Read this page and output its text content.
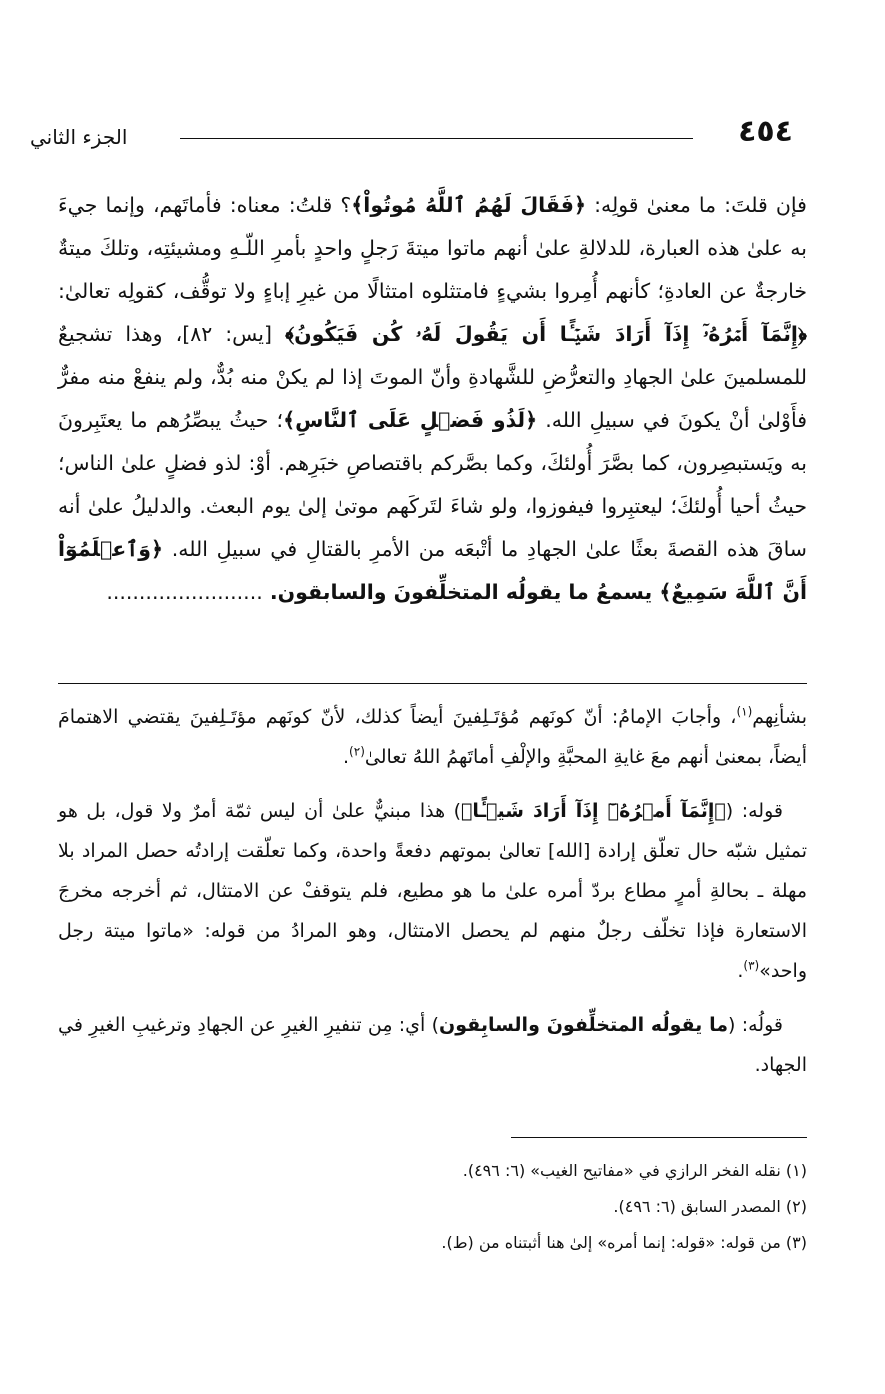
٤٥٤
الجزء الثاني

فإن قلتَ: ما معنىٰ قولِه: ﴿فَقَالَ لَهُمُ ٱللَّهُ مُوتُواْ﴾؟ قلتُ: معناه: فأماتَهم، وإنما جيءَ به علىٰ هذه العبارة، للدلالةِ علىٰ أنهم ماتوا ميتةَ رَجلٍ واحدٍ بأمرِ اللّـهِ ومشيئتِه، وتلكَ ميتةٌ خارجةٌ عن العادةِ؛ كأنهم أُمِروا بشيءٍ فامتثلوه امتثالًا من غيرِ إباءٍ ولا توقُّف، كقولِه تعالىٰ: ﴿إِنَّمَآ أَمۡرُهُۥٓ إِذَآ أَرَادَ شَيۡـًٔا أَن يَقُولَ لَهُۥ كُن فَيَكُونُ﴾ [يس: ٨٢]، وهذا تشجيعٌ للمسلمينَ علىٰ الجهادِ والتعرُّضِ للشَّهادةِ وأنّ الموتَ إذا لم يكنْ منه بُدٌّ، ولم ينفعْ منه مفرٌّ فأَوْلىٰ أنْ يكونَ في سبيلِ الله. ﴿لَذُو فَضۡلٍ عَلَى ٱلنَّاسِ﴾؛ حيثُ يبصِّرُهم ما يعتَبِرونَ به ويَستبصِرون، كما بصَّرَ أُولئكَ، وكما بصَّركم باقتصاصِ خبَرِهم. أوْ: لذو فضلٍ علىٰ الناس؛ حيثُ أحيا أُولئكَ؛ ليعتبِروا فيفوزوا، ولو شاءَ لتَركَهم موتىٰ إلىٰ يوم البعث. والدليلُ علىٰ أنه ساقَ هذه القصةَ بعثًا علىٰ الجهادِ ما أتْبعَه من الأمرِ بالقتالِ في سبيلِ الله. ﴿وَٱعۡلَمُوٓاْ أَنَّ ٱللَّهَ سَمِيعٌ﴾ يسمعُ ما يقولُه المتخلِّفونَ والسابقون. ........................

بشأنِهم$^{(١)}$، وأجابَ الإمامُ: أنّ كونَهم مُؤتَـلِفينَ أيضاً كذلك، لأنّ كونَهم مؤتَـلِفينَ يقتضي الاهتمامَ أيضاً، بمعنىٰ أنهم معَ غايةِ المحبَّةِ والإلْفِ أماتَهمُ اللهُ تعالىٰ$^{(٢)}$.

قوله: (﴿إِنَّمَآ أَمۡرُهُۥٓ إِذَآ أَرَادَ شَيۡـًٔا﴾) هذا مبنيٌّ علىٰ أن ليس ثمّة أمرٌ ولا قول، بل هو تمثيل شبّه حال تعلّق إرادة [الله] تعالىٰ بموتهم دفعةً واحدة، وكما تعلّقت إرادتُه حصل المراد بلا مهلة ـ بحالةِ أمرٍ مطاع بردّ أمره علىٰ ما هو مطيع، فلم يتوقفْ عن الامتثال، ثم أخرجه مخرجَ الاستعارة فإذا تخلّف رجلٌ منهم لم يحصل الامتثال، وهو المرادُ من قوله: «ماتوا ميتة رجل واحد»$^{(٣)}$.

قولُه: (ما يقولُه المتخلِّفونَ والسابِقون) أي: مِن تنفيرِ الغيرِ عن الجهادِ وترغيبِ الغيرِ في الجهاد.

(١) نقله الفخر الرازي في «مفاتيح الغيب» (٦: ٤٩٦).
(٢) المصدر السابق (٦: ٤٩٦).
(٣) من قوله: «قوله: إنما أمره» إلىٰ هنا أثبتناه من (ط).
